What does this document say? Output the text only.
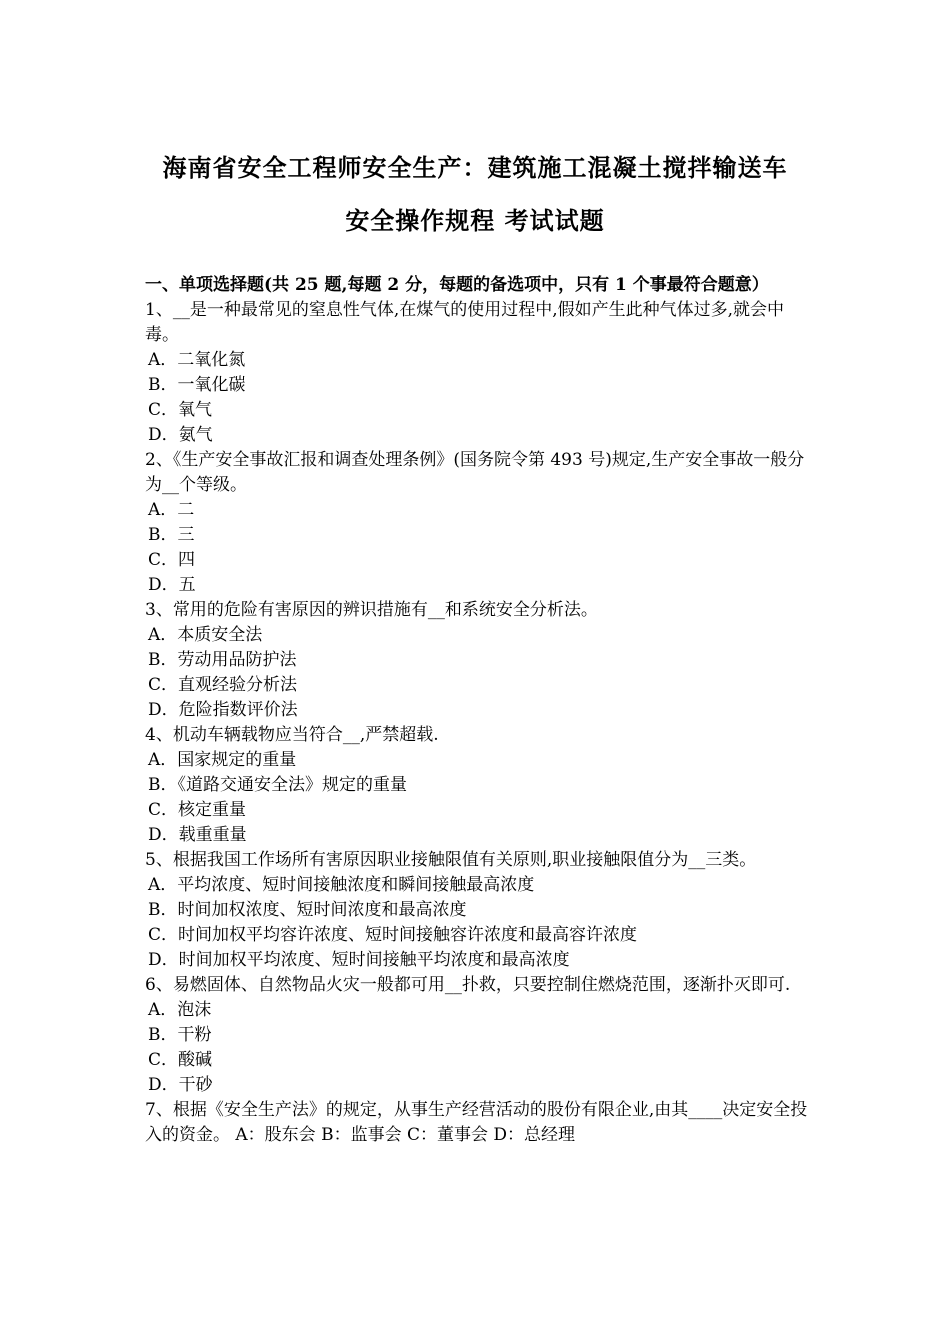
海南省安全工程师安全生产：建筑施工混凝土搅拌输送车
安全操作规程 考试试题

一、单项选择题(共 25 题,每题 2 分，每题的备选项中，只有 1 个事最符合题意）

1、__是一种最常见的窒息性气体,在煤气的使用过程中,假如产生此种气体过多,就会中毒。

A．二氧化氮

B．一氧化碳

C．氧气

D．氨气

2、《生产安全事故汇报和调查处理条例》(国务院令第 493 号)规定,生产安全事故一般分为__个等级。

A．二

B．三

C．四

D．五

3、常用的危险有害原因的辨识措施有__和系统安全分析法。

A．本质安全法

B．劳动用品防护法

C．直观经验分析法

D．危险指数评价法

4、机动车辆载物应当符合__,严禁超载.

A．国家规定的重量

B．《道路交通安全法》规定的重量

C．核定重量

D．载重重量

5、根据我国工作场所有害原因职业接触限值有关原则,职业接触限值分为__三类。

A．平均浓度、短时间接触浓度和瞬间接触最高浓度

B．时间加权浓度、短时间浓度和最高浓度

C．时间加权平均容许浓度、短时间接触容许浓度和最高容许浓度

D．时间加权平均浓度、短时间接触平均浓度和最高浓度

6、易燃固体、自然物品火灾一般都可用__扑救，只要控制住燃烧范围，逐渐扑灭即可.

A．泡沫

B．干粉

C．酸碱

D．干砂

7、根据《安全生产法》的规定，从事生产经营活动的股份有限企业,由其____决定安全投入的资金。 A：股东会 B：监事会 C：董事会 D：总经理
